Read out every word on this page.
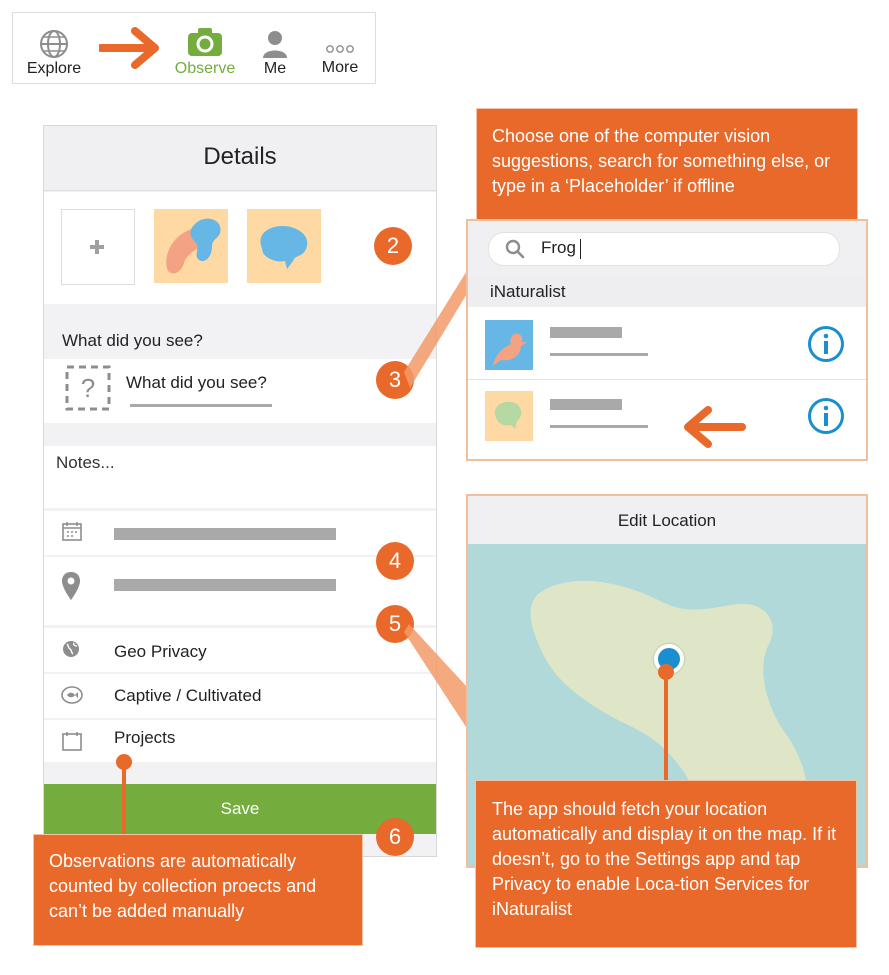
Explore	Observe	Me	More
Details
What did you see?
? What did you see?
Notes...
Geo Privacy
Captive / Cultivated
Projects
Save
2
3
4
5
6
Choose one of the computer vision suggestions, search for something else, or type in a ‘Placeholder’ if offline
Frog
iNaturalist
Edit Location
The app should fetch your location automatically and display it on the map. If it doesn’t, go to the Settings app and tap Privacy to enable Loca-tion Services for iNaturalist
Observations are automatically counted by collection proects and can’t be added manually
